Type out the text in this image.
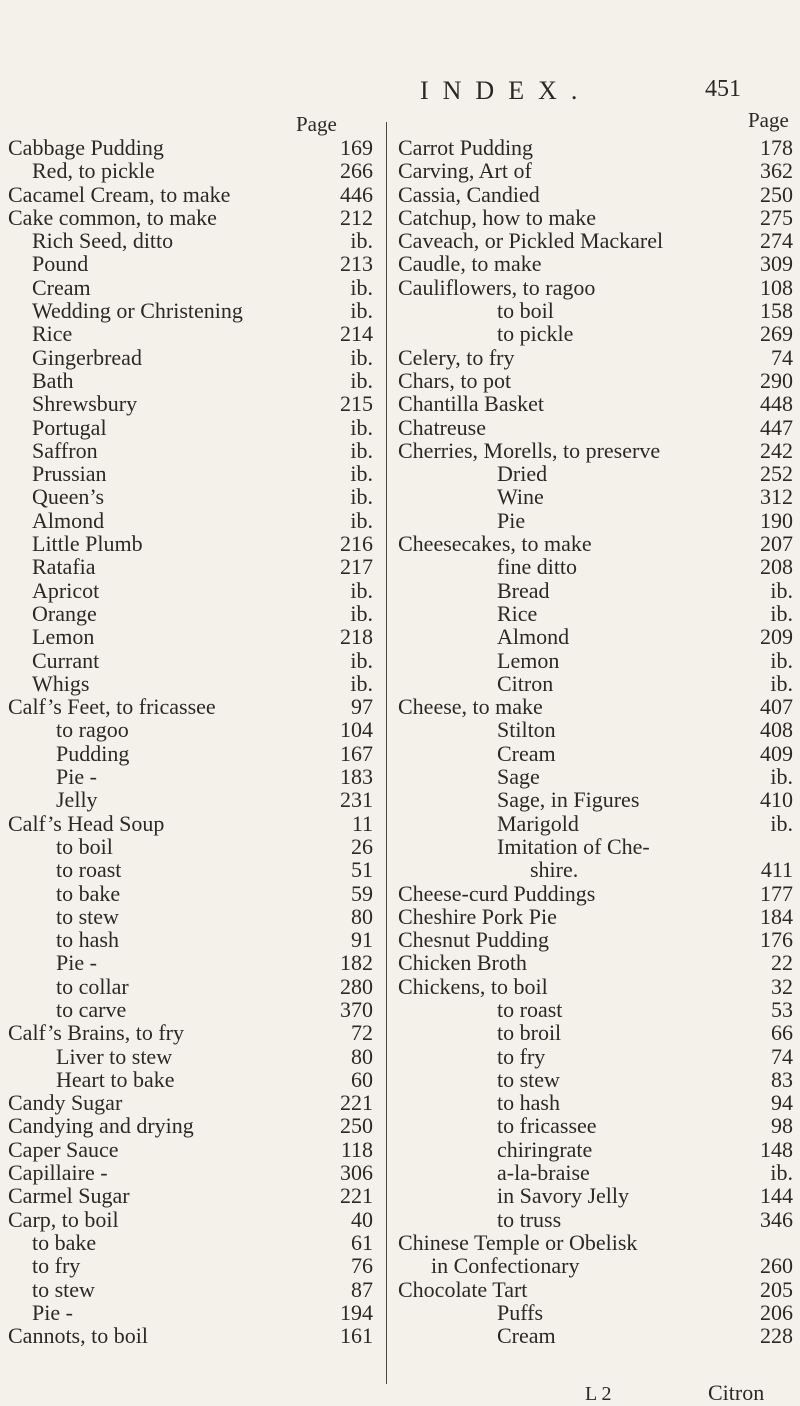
INDEX.	451
Page	Page
Cabbage Pudding	169
Red, to pickle	266
Cacamel Cream, to make	446
Cake common, to make	212
Rich Seed, ditto	ib.
Pound	213
Cream	ib.
Wedding or Christening	ib.
Rice	214
Gingerbread	ib.
Bath	ib.
Shrewsbury	215
Portugal	ib.
Saffron	ib.
Prussian	ib.
Queen’s	ib.
Almond	ib.
Little Plumb	216
Ratafia	217
Apricot	ib.
Orange	ib.
Lemon	218
Currant	ib.
Whigs	ib.
Calf’s Feet, to fricassee	97
to ragoo	104
Pudding	167
Pie -	183
Jelly	231
Calf’s Head Soup	11
to boil	26
to roast	51
to bake	59
to stew	80
to hash	91
Pie -	182
to collar	280
to carve	370
Calf’s Brains, to fry	72
Liver to stew	80
Heart to bake	60
Candy Sugar	221
Candying and drying	250
Caper Sauce	118
Capillaire -	306
Carmel Sugar	221
Carp, to boil	40
to bake	61
to fry	76
to stew	87
Pie -	194
Cannots, to boil	161
Carrot Pudding	178
Carving, Art of	362
Cassia, Candied	250
Catchup, how to make	275
Caveach, or Pickled Mackarel	274
Caudle, to make	309
Cauliflowers, to ragoo	108
to boil	158
to pickle	269
Celery, to fry	74
Chars, to pot	290
Chantilla Basket	448
Chatreuse	447
Cherries, Morells, to preserve	242
Dried	252
Wine	312
Pie	190
Cheesecakes, to make	207
fine ditto	208
Bread	ib.
Rice	ib.
Almond	209
Lemon	ib.
Citron	ib.
Cheese, to make	407
Stilton	408
Cream	409
Sage	ib.
Sage, in Figures	410
Marigold	ib.
Imitation of Che-
shire.	411
Cheese-curd Puddings	177
Cheshire Pork Pie	184
Chesnut Pudding	176
Chicken Broth	22
Chickens, to boil	32
to roast	53
to broil	66
to fry	74
to stew	83
to hash	94
to fricassee	98
chiringrate	148
a-la-braise	ib.
in Savory Jelly	144
to truss	346
Chinese Temple or Obelisk
in Confectionary	260
Chocolate Tart	205
Puffs	206
Cream	228
L 2	Citron
